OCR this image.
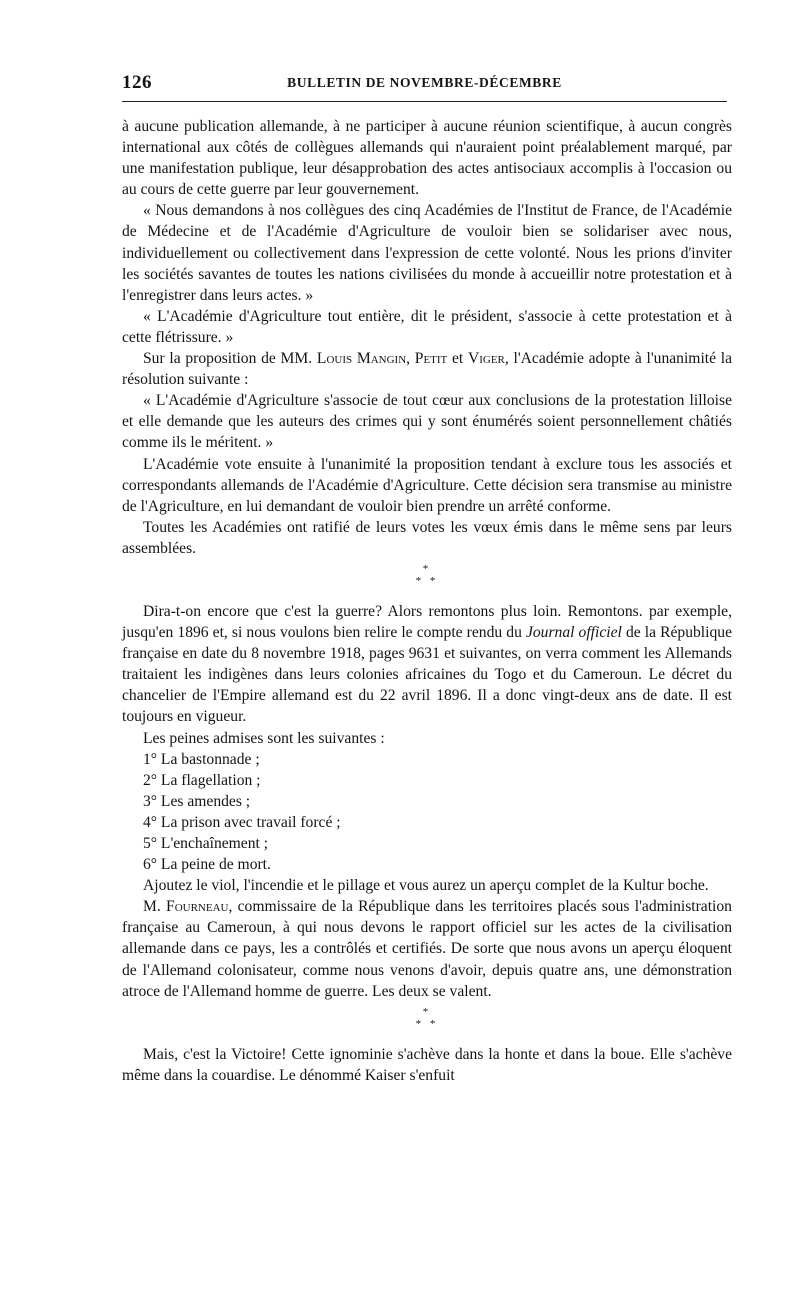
126	BULLETIN DE NOVEMBRE-DÉCEMBRE

à aucune publication allemande, à ne participer à aucune réunion scientifique, à aucun congrès international aux côtés de collègues allemands qui n'auraient point préalablement marqué, par une manifestation publique, leur désapprobation des actes antisociaux accomplis à l'occasion ou au cours de cette guerre par leur gouvernement.

« Nous demandons à nos collègues des cinq Académies de l'Institut de France, de l'Académie de Médecine et de l'Académie d'Agriculture de vouloir bien se solidariser avec nous, individuellement ou collectivement dans l'expression de cette volonté. Nous les prions d'inviter les sociétés savantes de toutes les nations civilisées du monde à accueillir notre protestation et à l'enregistrer dans leurs actes. »

« L'Académie d'Agriculture tout entière, dit le président, s'associe à cette protestation et à cette flétrissure. »

Sur la proposition de MM. Louis Mangin, Petit et Viger, l'Académie adopte à l'unanimité la résolution suivante :

« L'Académie d'Agriculture s'associe de tout cœur aux conclusions de la protestation lilloise et elle demande que les auteurs des crimes qui y sont énumérés soient personnellement châtiés comme ils le méritent. »

L'Académie vote ensuite à l'unanimité la proposition tendant à exclure tous les associés et correspondants allemands de l'Académie d'Agriculture. Cette décision sera transmise au ministre de l'Agriculture, en lui demandant de vouloir bien prendre un arrêté conforme.

Toutes les Académies ont ratifié de leurs votes les vœux émis dans le même sens par leurs assemblées.

*
* *

Dira-t-on encore que c'est la guerre? Alors remontons plus loin. Remontons. par exemple, jusqu'en 1896 et, si nous voulons bien relire le compte rendu du Journal officiel de la République française en date du 8 novembre 1918, pages 9631 et suivantes, on verra comment les Allemands traitaient les indigènes dans leurs colonies africaines du Togo et du Cameroun. Le décret du chancelier de l'Empire allemand est du 22 avril 1896. Il a donc vingt-deux ans de date. Il est toujours en vigueur.

Les peines admises sont les suivantes :

1° La bastonnade ;

2° La flagellation ;

3° Les amendes ;

4° La prison avec travail forcé ;

5° L'enchaînement ;

6° La peine de mort.

Ajoutez le viol, l'incendie et le pillage et vous aurez un aperçu complet de la Kultur boche.

M. Fourneau, commissaire de la République dans les territoires placés sous l'administration française au Cameroun, à qui nous devons le rapport officiel sur les actes de la civilisation allemande dans ce pays, les a contrôlés et certifiés. De sorte que nous avons un aperçu éloquent de l'Allemand colonisateur, comme nous venons d'avoir, depuis quatre ans, une démonstration atroce de l'Allemand homme de guerre. Les deux se valent.

*
* *

Mais, c'est la Victoire! Cette ignominie s'achève dans la honte et dans la boue. Elle s'achève même dans la couardise. Le dénommé Kaiser s'enfuit
